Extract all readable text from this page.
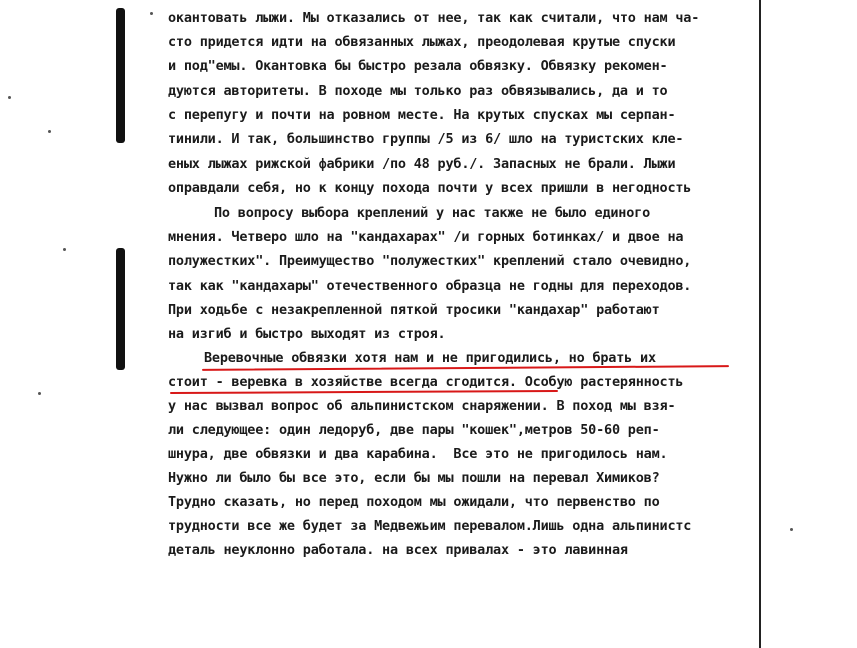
окантовать лыжи. Мы отказались от нее, так как считали, что нам ча-
сто придется идти на обвязанных лыжах, преодолевая крутые спуски
и под"емы. Окантовка бы быстро резала обвязку. Обвязку рекомен-
дуются авторитеты. В походе мы только раз обвязывались, да и то
с перепугу и почти на ровном месте. На крутых спусках мы серпан-
тинили. И так, большинство группы /5 из 6/ шло на туристских кле-
еных лыжах рижской фабрики /по 48 руб./. Запасных не брали. Лыжи
оправдали себя, но к концу похода почти у всех пришли в негодность
По вопросу выбора креплений у нас также не было единого
мнения. Четверо шло на "кандахарах" /и горных ботинках/ и двое на
полужестких". Преимущество "полужестких" креплений стало очевидно,
так как "кандахары" отечественного образца не годны для переходов.
При ходьбе с незакрепленной пяткой тросики "кандахар" работают
на изгиб и быстро выходят из строя.
Веревочные обвязки хотя нам и не пригодились, но брать их
стоит - веревка в хозяйстве всегда сгодится. Особую растерянность
у нас вызвал вопрос об альпинистском снаряжении. В поход мы взя-
ли следующее: один ледоруб, две пары "кошек",метров 50-60 реп-
шнура, две обвязки и два карабина.  Все это не пригодилось нам.
Нужно ли было бы все это, если бы мы пошли на перевал Химиков?
Трудно сказать, но перед походом мы ожидали, что первенство по
трудности все же будет за Медвежьим перевалом.Лишь одна альпинистс
деталь неуклонно работала. на всех привалах - это лавинная
